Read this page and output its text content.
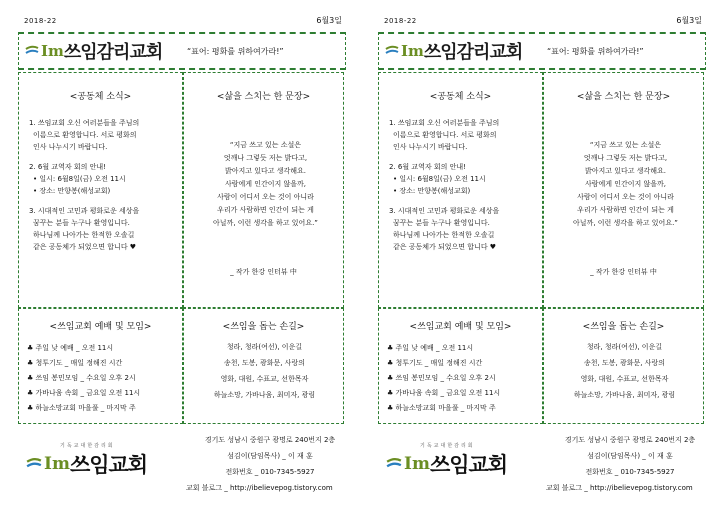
2018-22	6월3일
Im 쓰임감리교회	“표어: 평화를 위하여가라!”
<공동체 소식>
1. 쓰임교회 오신 여러분들을 주님의
이름으로 환영합니다. 서로 평화의
인사 나누시기 바랍니다.
2. 6월 교역자 회의 안내!
• 일시: 6월8일(금) 오전 11시
• 장소: 만향봉(해성교회)
3. 시대적인 고민과 평화로운 세상을
꿈꾸는 분들 누구나 환영입니다.
하나님께 나아가는 한적한 오솔길
같은 공동체가 되었으면 합니다 ♥
<삶을 스치는 한 문장>
“지금 쓰고 있는 소설은
엇깨나 그렇듯 저는 밝다고,
밝아지고 있다고 생각해요.
사람에게 인간이지 않을까,
사람이 어디서 오는 것이 아니라
우리가 사람하면 인간이 되는 게
아닐까, 이런 생각을 하고 있어요.”
_ 작가 한강 인터뷰 中
<쓰임교회 예배 및 모임>
♣ 주일 낮 예배 _ 오전 11시
♣ 청투기도 _ 매일 정해진 시간
♣ 쓰임 봉민모임 _ 수요일 오후 2시
♣ 가바나움 속회 _ 금요일 오전 11시
♣ 하늘소망교회 마을풀 _ 마지막 주
<쓰임을 돕는 손길>
청라, 청라(여선), 이운길
송천, 도봉, 광화문, 사랑의
영화, 대원, 수표교, 선한목자
하늘소망, 가바나움, 최미자, 광림
기독교대한감리회
Im 쓰임교회
경기도 성남시 중원구 광명로 240번지 2층
섬김이(담임목사) _ 이 재 훈
전화번호 _ 010-7345-5927
교회 블로그 _ http://ibelievepog.tistory.com
2018-22	6월3일
Im 쓰임감리교회	“표어: 평화를 위하여가라!”
<공동체 소식>
1. 쓰임교회 오신 여러분들을 주님의
이름으로 환영합니다. 서로 평화의
인사 나누시기 바랍니다.
2. 6월 교역자 회의 안내!
• 일시: 6월8일(금) 오전 11시
• 장소: 만향봉(해성교회)
3. 시대적인 고민과 평화로운 세상을
꿈꾸는 분들 누구나 환영입니다.
하나님께 나아가는 한적한 오솔길
같은 공동체가 되었으면 합니다 ♥
<삶을 스치는 한 문장>
“지금 쓰고 있는 소설은
엇깨나 그렇듯 저는 밝다고,
밝아지고 있다고 생각해요.
사람에게 인간이지 않을까,
사람이 어디서 오는 것이 아니라
우리가 사람하면 인간이 되는 게
아닐까, 이런 생각을 하고 있어요.”
_ 작가 한강 인터뷰 中
<쓰임교회 예배 및 모임>
♣ 주일 낮 예배 _ 오전 11시
♣ 청투기도 _ 매일 정해진 시간
♣ 쓰임 봉민모임 _ 수요일 오후 2시
♣ 가바나움 속회 _ 금요일 오전 11시
♣ 하늘소망교회 마을풀 _ 마지막 주
<쓰임을 돕는 손길>
청라, 청라(여선), 이운길
송천, 도봉, 광화문, 사랑의
영화, 대원, 수표교, 선한목자
하늘소망, 가바나움, 최미자, 광림
기독교대한감리회
Im 쓰임교회
경기도 성남시 중원구 광명로 240번지 2층
섬김이(담임목사) _ 이 재 훈
전화번호 _ 010-7345-5927
교회 블로그 _ http://ibelievepog.tistory.com
